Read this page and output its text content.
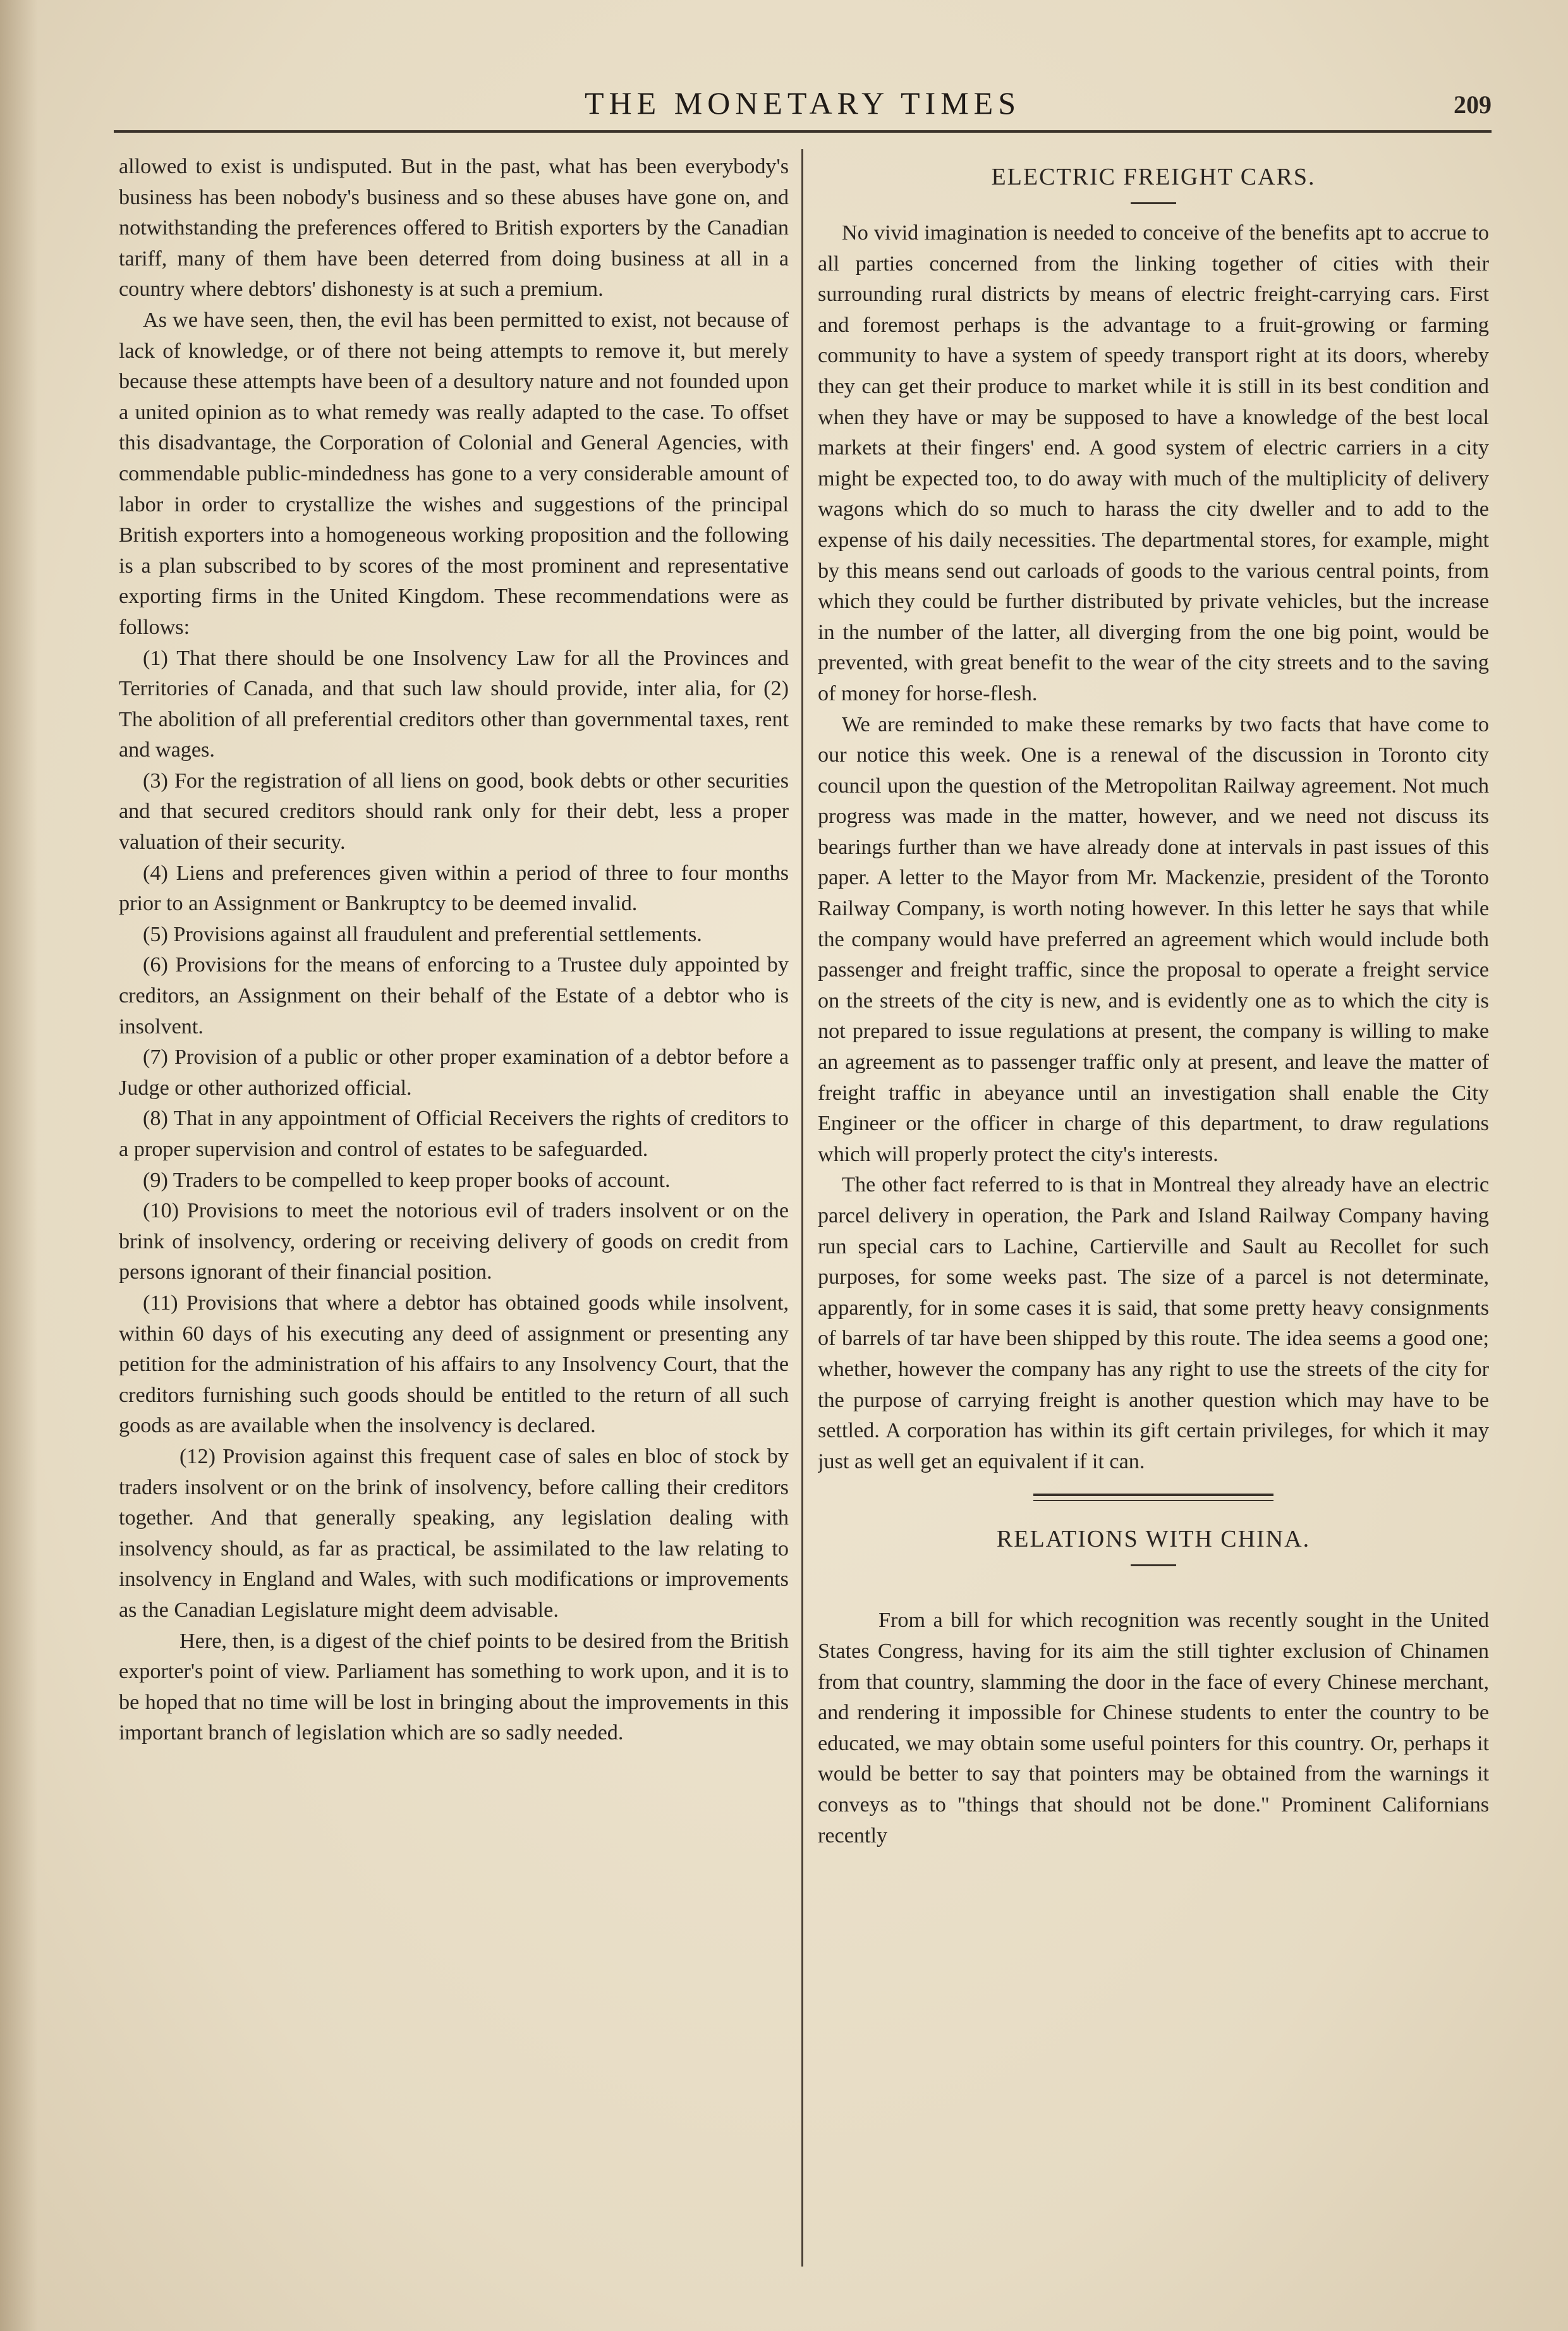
THE MONETARY TIMES	209

allowed to exist is undisputed. But in the past, what has been everybody's business has been nobody's business and so these abuses have gone on, and notwithstanding the preferences offered to British exporters by the Canadian tariff, many of them have been deterred from doing business at all in a country where debtors' dishonesty is at such a premium.

As we have seen, then, the evil has been permitted to exist, not because of lack of knowledge, or of there not being attempts to remove it, but merely because these attempts have been of a desultory nature and not founded upon a united opinion as to what remedy was really adapted to the case. To offset this disadvantage, the Corporation of Colonial and General Agencies, with commendable public-mindedness has gone to a very considerable amount of labor in order to crystallize the wishes and suggestions of the principal British exporters into a homogeneous working proposition and the following is a plan subscribed to by scores of the most prominent and representative exporting firms in the United Kingdom. These recommendations were as follows:

(1) That there should be one Insolvency Law for all the Provinces and Territories of Canada, and that such law should provide, inter alia, for (2) The abolition of all preferential creditors other than governmental taxes, rent and wages.

(3) For the registration of all liens on good, book debts or other securities and that secured creditors should rank only for their debt, less a proper valuation of their security.

(4) Liens and preferences given within a period of three to four months prior to an Assignment or Bankruptcy to be deemed invalid.

(5) Provisions against all fraudulent and preferential settlements.

(6) Provisions for the means of enforcing to a Trustee duly appointed by creditors, an Assignment on their behalf of the Estate of a debtor who is insolvent.

(7) Provision of a public or other proper examination of a debtor before a Judge or other authorized official.

(8) That in any appointment of Official Receivers the rights of creditors to a proper supervision and control of estates to be safeguarded.

(9) Traders to be compelled to keep proper books of account.

(10) Provisions to meet the notorious evil of traders insolvent or on the brink of insolvency, ordering or receiving delivery of goods on credit from persons ignorant of their financial position.

(11) Provisions that where a debtor has obtained goods while insolvent, within 60 days of his executing any deed of assignment or presenting any petition for the administration of his affairs to any Insolvency Court, that the creditors furnishing such goods should be entitled to the return of all such goods as are available when the insolvency is declared.

(12) Provision against this frequent case of sales en bloc of stock by traders insolvent or on the brink of insolvency, before calling their creditors together. And that generally speaking, any legislation dealing with insolvency should, as far as practical, be assimilated to the law relating to insolvency in England and Wales, with such modifications or improvements as the Canadian Legislature might deem advisable.

Here, then, is a digest of the chief points to be desired from the British exporter's point of view. Parliament has something to work upon, and it is to be hoped that no time will be lost in bringing about the improvements in this important branch of legislation which are so sadly needed.

ELECTRIC FREIGHT CARS.

No vivid imagination is needed to conceive of the benefits apt to accrue to all parties concerned from the linking together of cities with their surrounding rural districts by means of electric freight-carrying cars. First and foremost perhaps is the advantage to a fruit-growing or farming community to have a system of speedy transport right at its doors, whereby they can get their produce to market while it is still in its best condition and when they have or may be supposed to have a knowledge of the best local markets at their fingers' end. A good system of electric carriers in a city might be expected too, to do away with much of the multiplicity of delivery wagons which do so much to harass the city dweller and to add to the expense of his daily necessities. The departmental stores, for example, might by this means send out carloads of goods to the various central points, from which they could be further distributed by private vehicles, but the increase in the number of the latter, all diverging from the one big point, would be prevented, with great benefit to the wear of the city streets and to the saving of money for horse-flesh.

We are reminded to make these remarks by two facts that have come to our notice this week. One is a renewal of the discussion in Toronto city council upon the question of the Metropolitan Railway agreement. Not much progress was made in the matter, however, and we need not discuss its bearings further than we have already done at intervals in past issues of this paper. A letter to the Mayor from Mr. Mackenzie, president of the Toronto Railway Company, is worth noting however. In this letter he says that while the company would have preferred an agreement which would include both passenger and freight traffic, since the proposal to operate a freight service on the streets of the city is new, and is evidently one as to which the city is not prepared to issue regulations at present, the company is willing to make an agreement as to passenger traffic only at present, and leave the matter of freight traffic in abeyance until an investigation shall enable the City Engineer or the officer in charge of this department, to draw regulations which will properly protect the city's interests.

The other fact referred to is that in Montreal they already have an electric parcel delivery in operation, the Park and Island Railway Company having run special cars to Lachine, Cartierville and Sault au Recollet for such purposes, for some weeks past. The size of a parcel is not determinate, apparently, for in some cases it is said, that some pretty heavy consignments of barrels of tar have been shipped by this route. The idea seems a good one; whether, however the company has any right to use the streets of the city for the purpose of carrying freight is another question which may have to be settled. A corporation has within its gift certain privileges, for which it may just as well get an equivalent if it can.

RELATIONS WITH CHINA.

From a bill for which recognition was recently sought in the United States Congress, having for its aim the still tighter exclusion of Chinamen from that country, slamming the door in the face of every Chinese merchant, and rendering it impossible for Chinese students to enter the country to be educated, we may obtain some useful pointers for this country. Or, perhaps it would be better to say that pointers may be obtained from the warnings it conveys as to "things that should not be done." Prominent Californians recently
